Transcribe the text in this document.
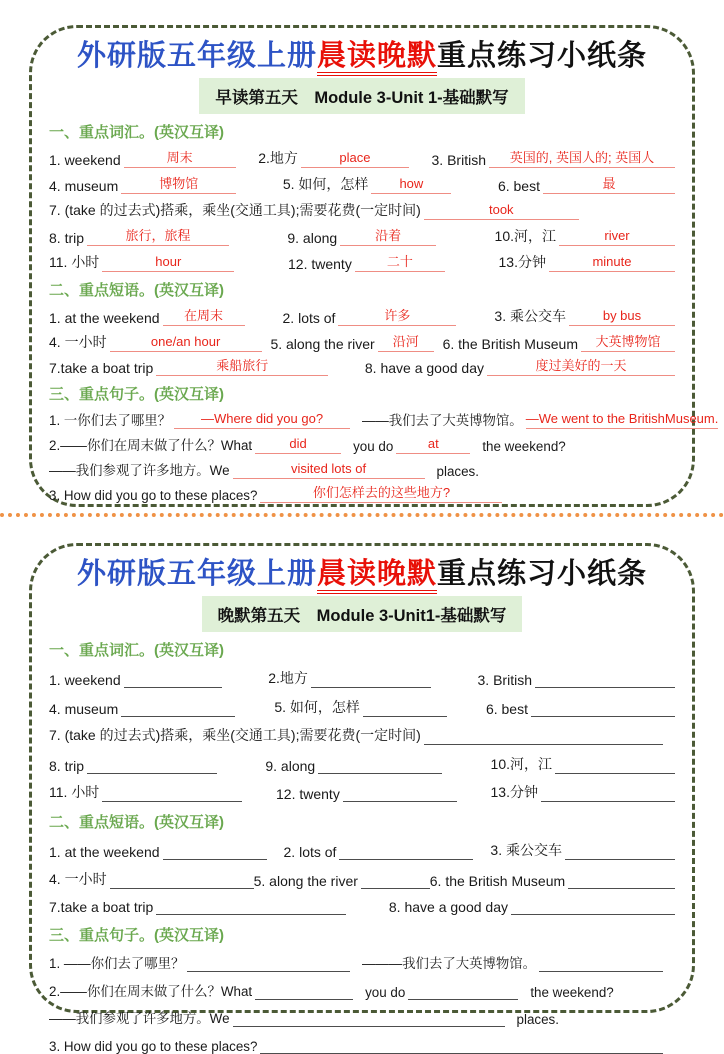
外研版五年级上册晨读晚默重点练习小纸条
早读第五天　Module 3-Unit 1-基础默写
一、重点词汇。(英汉互译)
1. weekend	周末	2.地方	place	3. British	英国的, 英国人的; 英国人
4. museum	博物馆	5. 如何，怎样	how	6. best	最
7. (take 的过去式)搭乘，乘坐(交通工具);需要花费(一定时间)	took
8. trip	旅行，旅程	9. along	沿着	10.河，江	river
11. 小时	hour	12. twenty	二十	13.分钟	minute
二、重点短语。(英汉互译)
1. at the weekend	在周末	2. lots of	许多	3. 乘公交车	by bus
4. 一小时	one/an hour	5. along the river	沿河	6. the British Museum	大英博物馆
7.take a boat trip	乘船旅行	8. have a good day	度过美好的一天
三、重点句子。(英汉互译)
1. 一你们去了哪里？	—Where did you go?	——我们去了大英博物馆。 —We went to the BritishMuseum.
2.——你们在周末做了什么？What	did	you do	at	the weekend?
——我们参观了许多地方。We	visited lots of	places.
3. How did you go to these places?	你们怎样去的这些地方?
外研版五年级上册晨读晚默重点练习小纸条
晚默第五天　Module 3-Unit1-基础默写
一、重点词汇。(英汉互译)
1. weekend	2.地方	3. British
4. museum	5. 如何，怎样	6. best
7. (take 的过去式)搭乘，乘坐(交通工具);需要花费(一定时间)
8. trip	9. along	10.河，江
11. 小时	12. twenty	13.分钟
二、重点短语。(英汉互译)
1. at the weekend	2. lots of	3. 乘公交车
4. 一小时	5. along the river	6. the British Museum
7.take a boat trip	8. have a good day
三、重点句子。(英汉互译)
1. ——你们去了哪里？	———我们去了大英博物馆。
2.——你们在周末做了什么？What	you do	the weekend?
——我们参观了许多地方。We	places.
3. How did you go to these places?
